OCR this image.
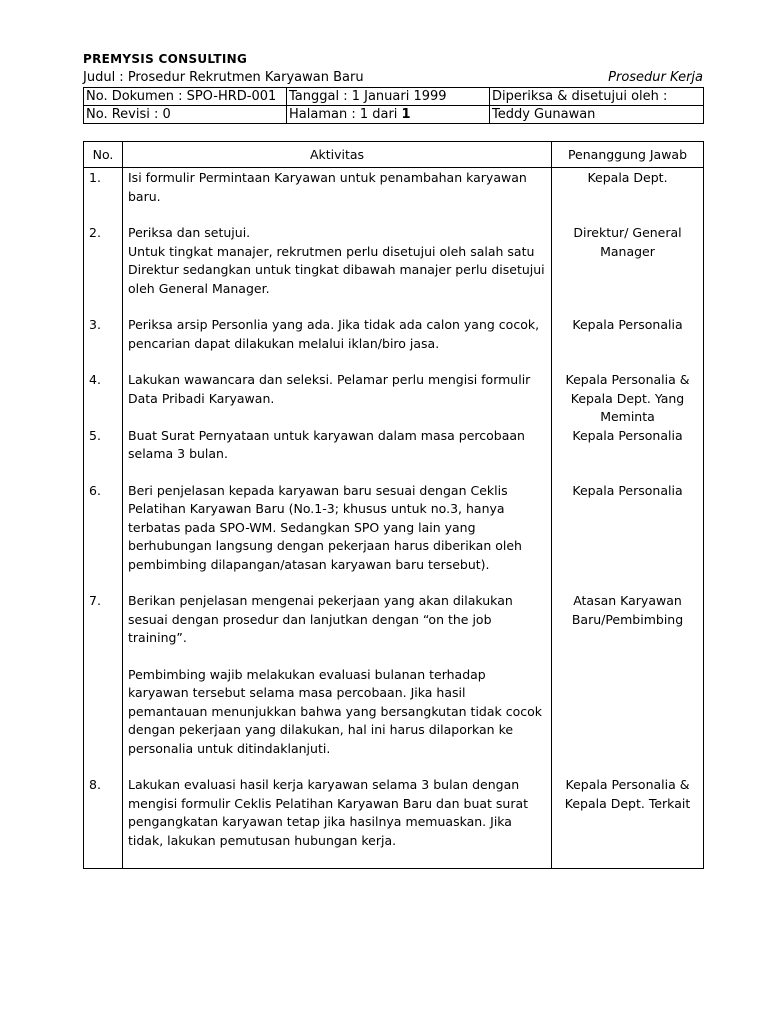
PREMYSIS CONSULTING
Judul : Prosedur Rekrutmen Karyawan Baru	Prosedur Kerja
No. Dokumen : SPO-HRD-001	Tanggal : 1 Januari 1999	Diperiksa & disetujui oleh :
No. Revisi : 0	Halaman : 1 dari 1	Teddy Gunawan
No.	Aktivitas	Penanggung Jawab
1.	Isi formulir Permintaan Karyawan untuk penambahan karyawan baru.	Kepala Dept.
2.	Periksa dan setujui.
Untuk tingkat manajer, rekrutmen perlu disetujui oleh salah satu Direktur sedangkan untuk tingkat dibawah manajer perlu disetujui oleh General Manager.	Direktur/ General Manager
3.	Periksa arsip Personlia yang ada. Jika tidak ada calon yang cocok, pencarian dapat dilakukan melalui iklan/biro jasa.	Kepala Personalia
4.	Lakukan wawancara dan seleksi. Pelamar perlu mengisi formulir Data Pribadi Karyawan.	Kepala Personalia & Kepala Dept. Yang Meminta
5.	Buat Surat Pernyataan untuk karyawan dalam masa percobaan selama 3 bulan.	Kepala Personalia
6.	Beri penjelasan kepada karyawan baru sesuai dengan Ceklis Pelatihan Karyawan Baru (No.1-3; khusus untuk no.3, hanya terbatas pada SPO-WM. Sedangkan SPO yang lain yang berhubungan langsung dengan pekerjaan harus diberikan oleh pembimbing dilapangan/atasan karyawan baru tersebut).	Kepala Personalia
7.	Berikan penjelasan mengenai pekerjaan yang akan dilakukan sesuai dengan prosedur dan lanjutkan dengan “on the job training”.
Pembimbing wajib melakukan evaluasi bulanan terhadap karyawan tersebut selama masa percobaan. Jika hasil pemantauan menunjukkan bahwa yang bersangkutan tidak cocok dengan pekerjaan yang dilakukan, hal ini harus dilaporkan ke personalia untuk ditindaklanjuti.	Atasan Karyawan Baru/Pembimbing
8.	Lakukan evaluasi hasil kerja karyawan selama 3 bulan dengan mengisi formulir Ceklis Pelatihan Karyawan Baru dan buat surat pengangkatan karyawan tetap jika hasilnya memuaskan. Jika tidak, lakukan pemutusan hubungan kerja.	Kepala Personalia & Kepala Dept. Terkait
